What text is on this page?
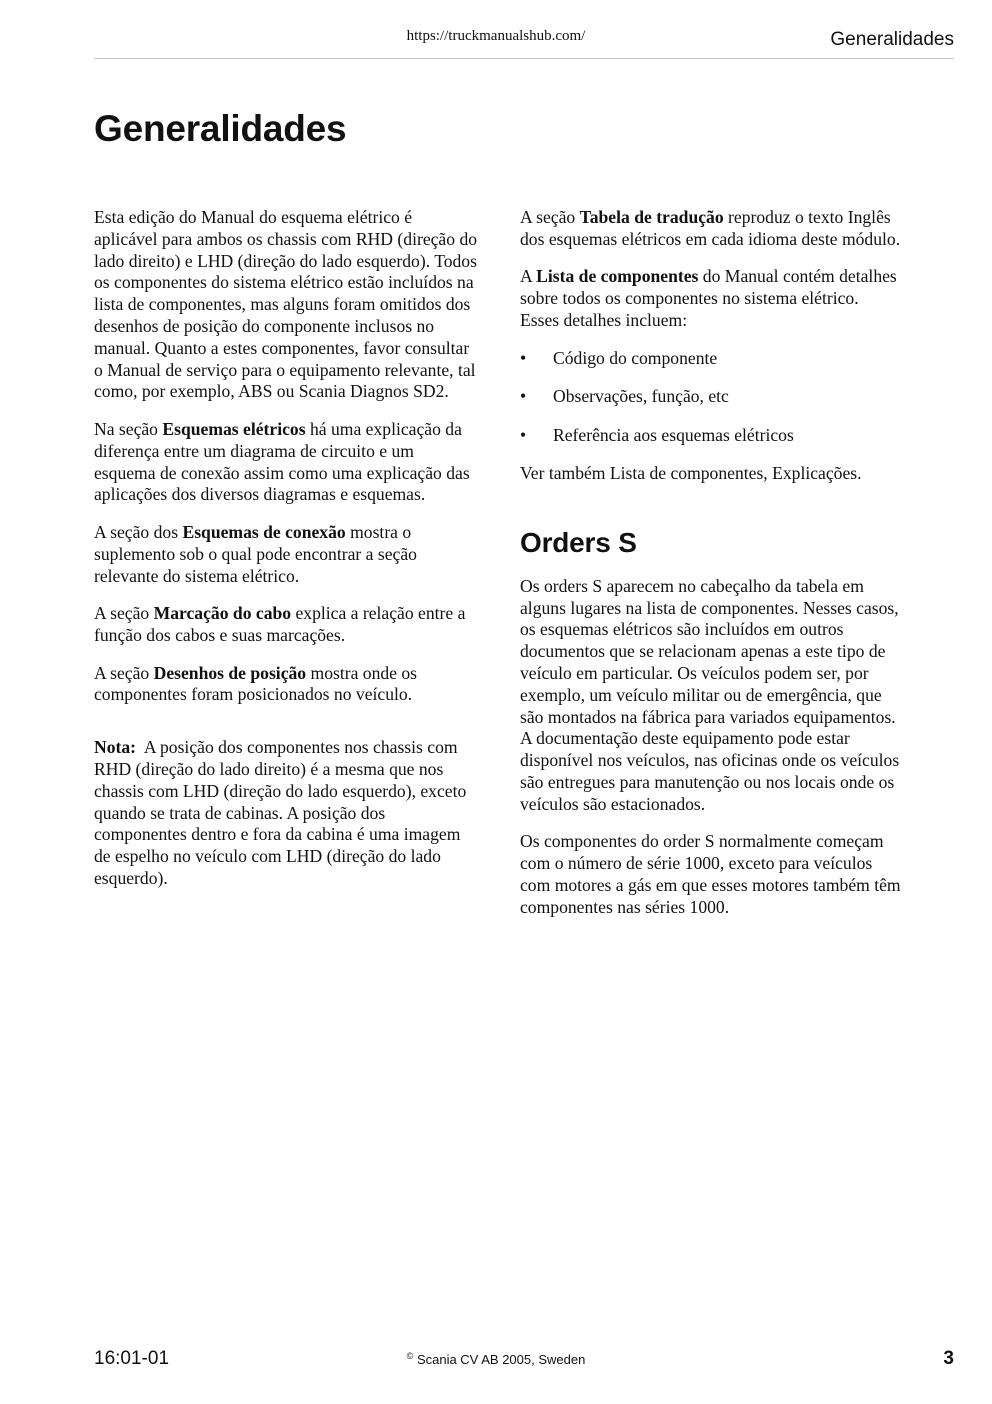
https://truckmanualshub.com/	Generalidades
Generalidades

Esta edição do Manual do esquema elétrico é aplicável para ambos os chassis com RHD (direção do lado direito) e LHD (direção do lado esquerdo). Todos os componentes do sistema elétrico estão incluídos na lista de componentes, mas alguns foram omitidos dos desenhos de posição do componente inclusos no manual. Quanto a estes componentes, favor consultar o Manual de serviço para o equipamento relevante, tal como, por exemplo, ABS ou Scania Diagnos SD2.

Na seção Esquemas elétricos há uma explicação da diferença entre um diagrama de circuito e um esquema de conexão assim como uma explicação das aplicações dos diversos diagramas e esquemas.

A seção dos Esquemas de conexão mostra o suplemento sob o qual pode encontrar a seção relevante do sistema elétrico.

A seção Marcação do cabo explica a relação entre a função dos cabos e suas marcações.

A seção Desenhos de posição mostra onde os componentes foram posicionados no veículo.

Nota: A posição dos componentes nos chassis com RHD (direção do lado direito) é a mesma que nos chassis com LHD (direção do lado esquerdo), exceto quando se trata de cabinas. A posição dos componentes dentro e fora da cabina é uma imagem de espelho no veículo com LHD (direção do lado esquerdo).

A seção Tabela de tradução reproduz o texto Inglês dos esquemas elétricos em cada idioma deste módulo.

A Lista de componentes do Manual contém detalhes sobre todos os componentes no sistema elétrico. Esses detalhes incluem:

• Código do componente
• Observações, função, etc
• Referência aos esquemas elétricos

Ver também Lista de componentes, Explicações.

Orders S

Os orders S aparecem no cabeçalho da tabela em alguns lugares na lista de componentes. Nesses casos, os esquemas elétricos são incluídos em outros documentos que se relacionam apenas a este tipo de veículo em particular. Os veículos podem ser, por exemplo, um veículo militar ou de emergência, que são montados na fábrica para variados equipamentos. A documentação deste equipamento pode estar disponível nos veículos, nas oficinas onde os veículos são entregues para manutenção ou nos locais onde os veículos são estacionados.

Os componentes do order S normalmente começam com o número de série 1000, exceto para veículos com motores a gás em que esses motores também têm componentes nas séries 1000.

16:01-01	© Scania CV AB 2005, Sweden	3
